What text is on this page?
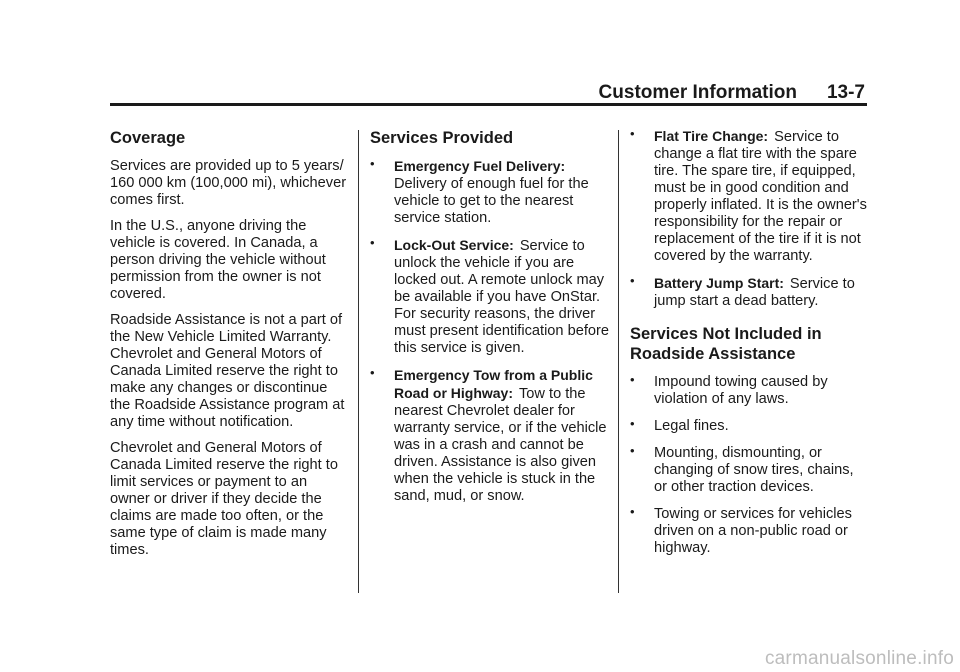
Customer Information 13-7
Coverage

Services are provided up to 5 years/ 160 000 km (100,000 mi), whichever comes first.

In the U.S., anyone driving the vehicle is covered. In Canada, a person driving the vehicle without permission from the owner is not covered.

Roadside Assistance is not a part of the New Vehicle Limited Warranty. Chevrolet and General Motors of Canada Limited reserve the right to make any changes or discontinue the Roadside Assistance program at any time without notification.

Chevrolet and General Motors of Canada Limited reserve the right to limit services or payment to an owner or driver if they decide the claims are made too often, or the same type of claim is made many times.

Services Provided
• Emergency Fuel Delivery:Delivery of enough fuel for the vehicle to get to the nearest service station.
• Lock-Out Service: Service to unlock the vehicle if you are locked out. A remote unlock may be available if you have OnStar. For security reasons, the driver must present identification before this service is given.
• Emergency Tow from a Public Road or Highway: Tow to the nearest Chevrolet dealer for warranty service, or if the vehicle was in a crash and cannot be driven. Assistance is also given when the vehicle is stuck in the sand, mud, or snow.
• Flat Tire Change: Service to change a flat tire with the spare tire. The spare tire, if equipped, must be in good condition and properly inflated. It is the owner's responsibility for the repair or replacement of the tire if it is not covered by the warranty.
• Battery Jump Start: Service to jump start a dead battery.
Services Not Included in Roadside Assistance
• Impound towing caused by violation of any laws.
• Legal fines.
• Mounting, dismounting, or changing of snow tires, chains, or other traction devices.
• Towing or services for vehicles driven on a non-public road or highway.
carmanualsonline.info
